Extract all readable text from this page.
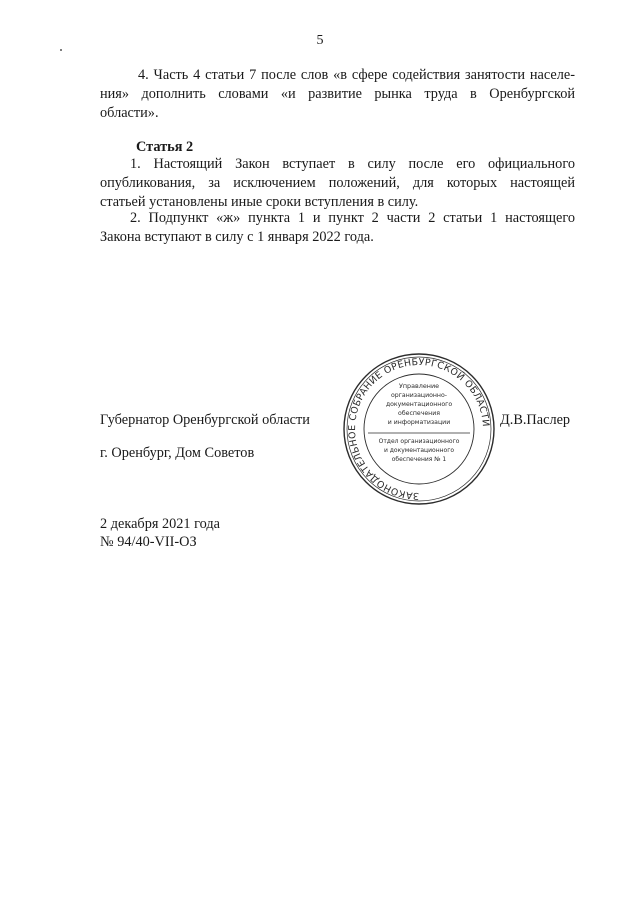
5
4. Часть 4 статьи 7 после слов «в сфере содействия занятости населе-
ния» дополнить словами «и развитие рынка труда в Оренбургской
области».
Статья 2
1. Настоящий Закон вступает в силу после его официального
опубликования, за исключением положений, для которых настоящей
статьей установлены иные сроки вступления в силу.
2. Подпункт «ж» пункта 1 и пункт 2 части 2 статьи 1 настоящего
Закона вступают в силу с 1 января 2022 года.
Губернатор Оренбургской области	Д.В.Паслер
г. Оренбург, Дом Советов
ЗАКОНОДАТЕЛЬНОЕ СОБРАНИЕ ОРЕНБУРГСКОЙ ОБЛАСТИ
Управление
организационно-
документационного
обеспечения
и информатизации
Отдел организационного
и документационного
обеспечения № 1
2 декабря 2021 года
№ 94/40-VII-ОЗ
